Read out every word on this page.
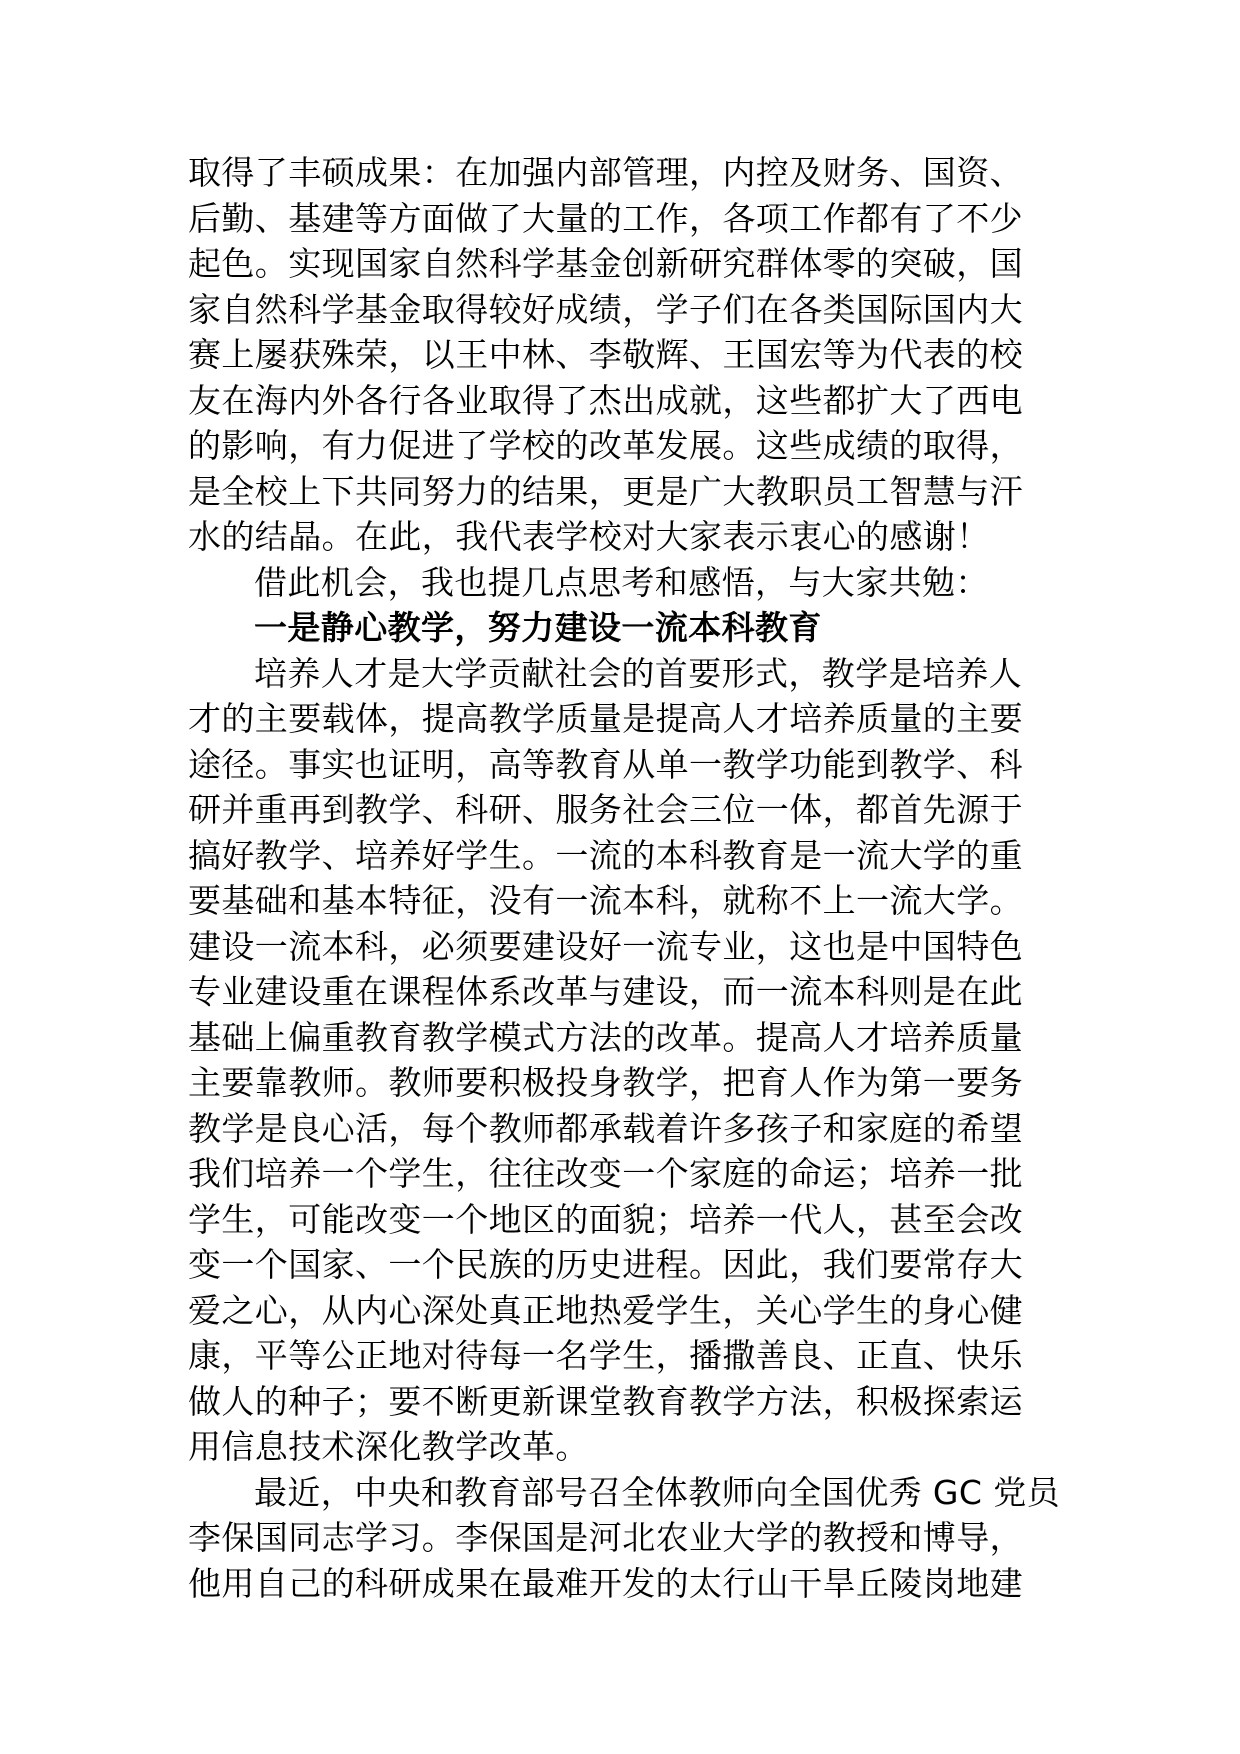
取得了丰硕成果：在加强内部管理，内控及财务、国资、
后勤、基建等方面做了大量的工作，各项工作都有了不少
起色。实现国家自然科学基金创新研究群体零的突破，国
家自然科学基金取得较好成绩，学子们在各类国际国内大
赛上屡获殊荣，以王中林、李敬辉、王国宏等为代表的校
友在海内外各行各业取得了杰出成就，这些都扩大了西电
的影响，有力促进了学校的改革发展。这些成绩的取得，
是全校上下共同努力的结果，更是广大教职员工智慧与汗
水的结晶。在此，我代表学校对大家表示衷心的感谢！
借此机会，我也提几点思考和感悟，与大家共勉：
一是静心教学，努力建设一流本科教育
培养人才是大学贡献社会的首要形式，教学是培养人
才的主要载体，提高教学质量是提高人才培养质量的主要
途径。事实也证明，高等教育从单一教学功能到教学、科
研并重再到教学、科研、服务社会三位一体，都首先源于
搞好教学、培养好学生。一流的本科教育是一流大学的重
要基础和基本特征，没有一流本科，就称不上一流大学。
建设一流本科，必须要建设好一流专业，这也是中国特色
专业建设重在课程体系改革与建设，而一流本科则是在此
基础上偏重教育教学模式方法的改革。提高人才培养质量
主要靠教师。教师要积极投身教学，把育人作为第一要务
教学是良心活，每个教师都承载着许多孩子和家庭的希望
我们培养一个学生，往往改变一个家庭的命运；培养一批
学生，可能改变一个地区的面貌；培养一代人，甚至会改
变一个国家、一个民族的历史进程。因此，我们要常存大
爱之心，从内心深处真正地热爱学生，关心学生的身心健
康，平等公正地对待每一名学生，播撒善良、正直、快乐
做人的种子；要不断更新课堂教育教学方法，积极探索运
用信息技术深化教学改革。
最近，中央和教育部号召全体教师向全国优秀 GC 党员
李保国同志学习。李保国是河北农业大学的教授和博导，
他用自己的科研成果在最难开发的太行山干旱丘陵岗地建
